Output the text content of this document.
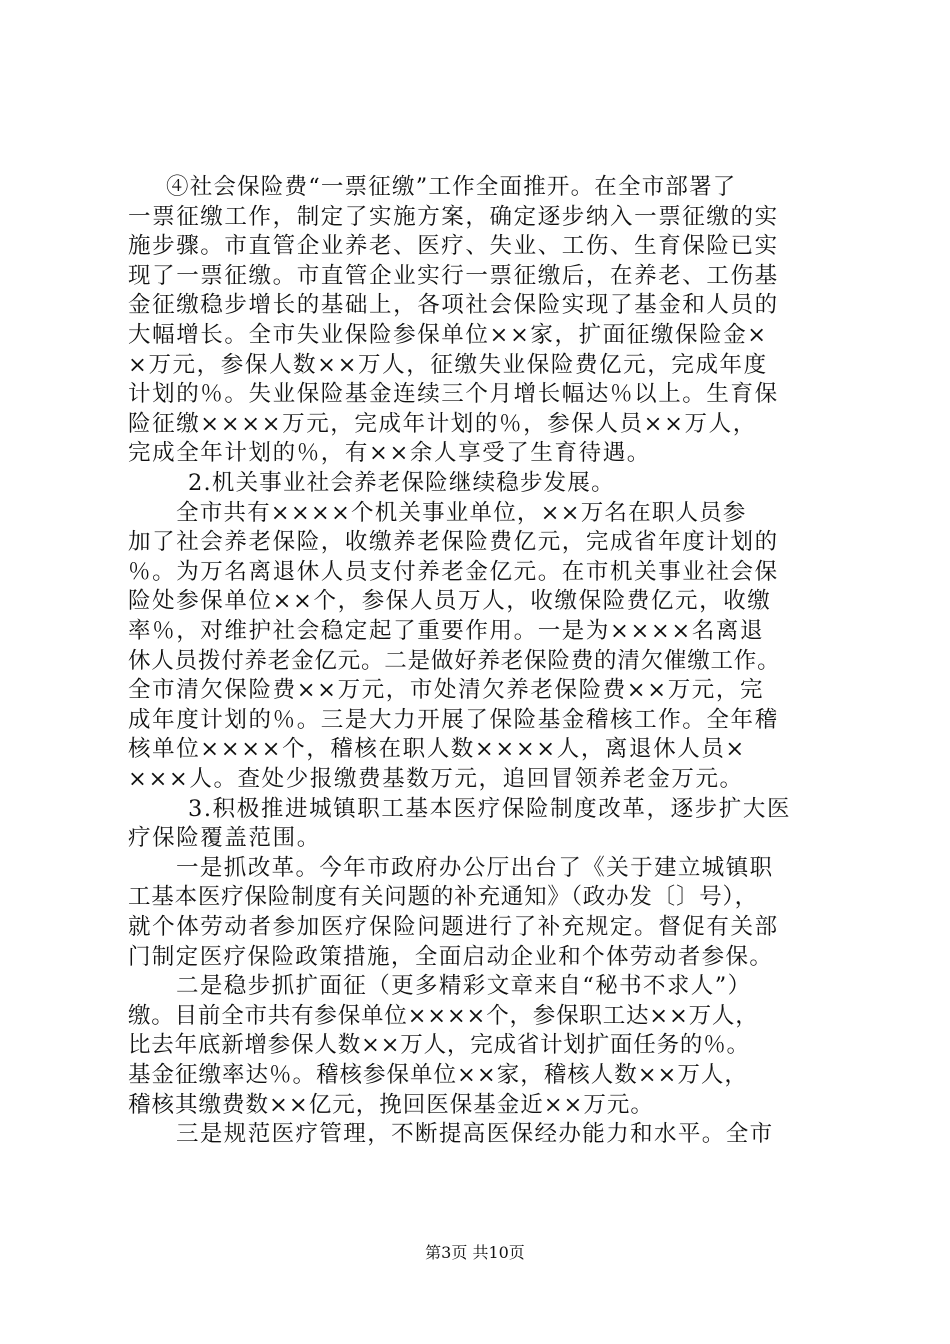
④社会保险费“一票征缴”工作全面推开。在全市部署了
一票征缴工作，制定了实施方案，确定逐步纳入一票征缴的实
施步骤。市直管企业养老、医疗、失业、工伤、生育保险已实
现了一票征缴。市直管企业实行一票征缴后，在养老、工伤基
金征缴稳步增长的基础上，各项社会保险实现了基金和人员的
大幅增长。全市失业保险参保单位××家，扩面征缴保险金×
×万元，参保人数××万人，征缴失业保险费亿元，完成年度
计划的％。失业保险基金连续三个月增长幅达％以上。生育保
险征缴××××万元，完成年计划的％，参保人员××万人，
完成全年计划的％，有××余人享受了生育待遇。
2.机关事业社会养老保险继续稳步发展。
全市共有××××个机关事业单位，××万名在职人员参
加了社会养老保险，收缴养老保险费亿元，完成省年度计划的
％。为万名离退休人员支付养老金亿元。在市机关事业社会保
险处参保单位××个，参保人员万人，收缴保险费亿元，收缴
率％，对维护社会稳定起了重要作用。一是为××××名离退
休人员拨付养老金亿元。二是做好养老保险费的清欠催缴工作。
全市清欠保险费××万元，市处清欠养老保险费××万元，完
成年度计划的％。三是大力开展了保险基金稽核工作。全年稽
核单位××××个，稽核在职人数××××人，离退休人员×
×××人。查处少报缴费基数万元，追回冒领养老金万元。
3.积极推进城镇职工基本医疗保险制度改革，逐步扩大医
疗保险覆盖范围。
一是抓改革。今年市政府办公厅出台了《关于建立城镇职
工基本医疗保险制度有关问题的补充通知》（政办发〔〕号），
就个体劳动者参加医疗保险问题进行了补充规定。督促有关部
门制定医疗保险政策措施，全面启动企业和个体劳动者参保。
二是稳步抓扩面征（更多精彩文章来自“秘书不求人”）
缴。目前全市共有参保单位××××个，参保职工达××万人，
比去年底新增参保人数××万人，完成省计划扩面任务的％。
基金征缴率达％。稽核参保单位××家，稽核人数××万人，
稽核其缴费数××亿元，挽回医保基金近××万元。
三是规范医疗管理，不断提高医保经办能力和水平。全市
第3页 共10页
